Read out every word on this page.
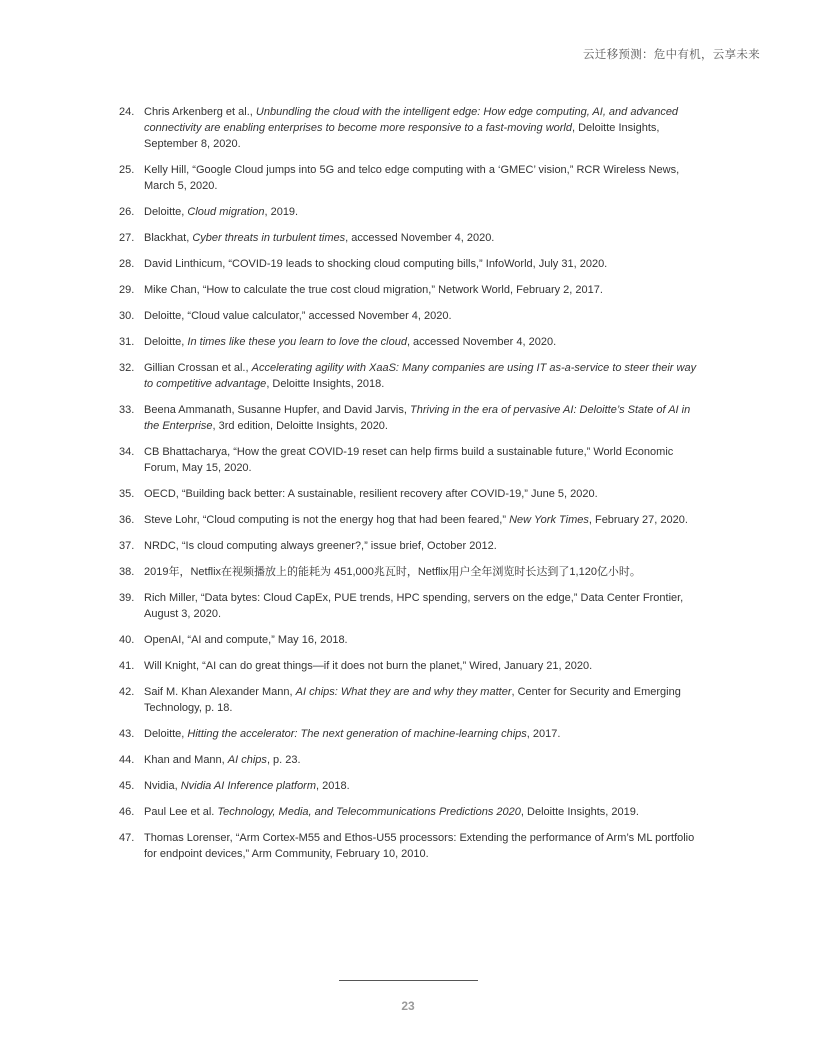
云迁移预测：危中有机，云享未来
24. Chris Arkenberg et al., Unbundling the cloud with the intelligent edge: How edge computing, AI, and advanced connectivity are enabling enterprises to become more responsive to a fast-moving world, Deloitte Insights, September 8, 2020.
25. Kelly Hill, “Google Cloud jumps into 5G and telco edge computing with a ‘GMEC’ vision,” RCR Wireless News, March 5, 2020.
26. Deloitte, Cloud migration, 2019.
27. Blackhat, Cyber threats in turbulent times, accessed November 4, 2020.
28. David Linthicum, “COVID-19 leads to shocking cloud computing bills,” InfoWorld, July 31, 2020.
29. Mike Chan, “How to calculate the true cost cloud migration,” Network World, February 2, 2017.
30. Deloitte, “Cloud value calculator,” accessed November 4, 2020.
31. Deloitte, In times like these you learn to love the cloud, accessed November 4, 2020.
32. Gillian Crossan et al., Accelerating agility with XaaS: Many companies are using IT as-a-service to steer their way to competitive advantage, Deloitte Insights, 2018.
33. Beena Ammanath, Susanne Hupfer, and David Jarvis, Thriving in the era of pervasive AI: Deloitte’s State of AI in the Enterprise, 3rd edition, Deloitte Insights, 2020.
34. CB Bhattacharya, “How the great COVID-19 reset can help firms build a sustainable future,” World Economic Forum, May 15, 2020.
35. OECD, “Building back better: A sustainable, resilient recovery after COVID-19,” June 5, 2020.
36. Steve Lohr, “Cloud computing is not the energy hog that had been feared,” New York Times, February 27, 2020.
37. NRDC, “Is cloud computing always greener?,” issue brief, October 2012.
38. 2019年，Netflix在视频播放上的能耗为 451,000兆瓦时，Netflix用户全年浏览时长达到了1,120亿小时。
39. Rich Miller, “Data bytes: Cloud CapEx, PUE trends, HPC spending, servers on the edge,” Data Center Frontier, August 3, 2020.
40. OpenAI, “AI and compute,” May 16, 2018.
41. Will Knight, “AI can do great things—if it does not burn the planet,” Wired, January 21, 2020.
42. Saif M. Khan Alexander Mann, AI chips: What they are and why they matter, Center for Security and Emerging Technology, p. 18.
43. Deloitte, Hitting the accelerator: The next generation of machine-learning chips, 2017.
44. Khan and Mann, AI chips, p. 23.
45. Nvidia, Nvidia AI Inference platform, 2018.
46. Paul Lee et al. Technology, Media, and Telecommunications Predictions 2020, Deloitte Insights, 2019.
47. Thomas Lorenser, “Arm Cortex-M55 and Ethos-U55 processors: Extending the performance of Arm’s ML portfolio for endpoint devices,” Arm Community, February 10, 2010.
23
